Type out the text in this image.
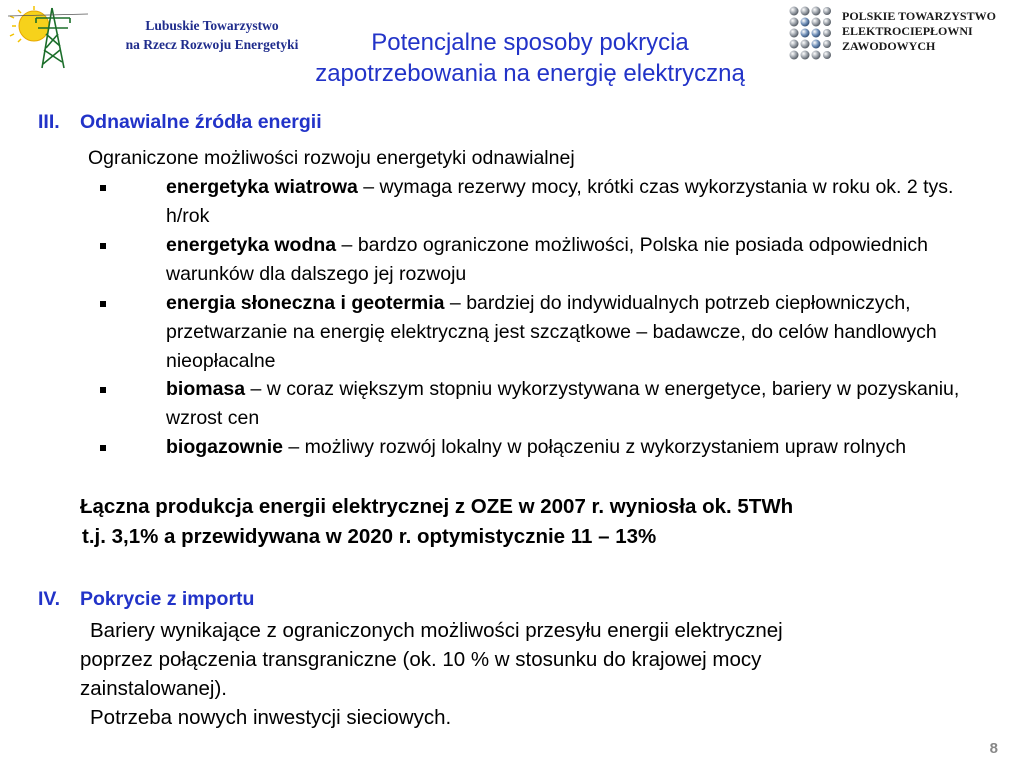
Lubuskie Towarzystwo
na Rzecz Rozwoju Energetyki	Potencjalne sposoby pokrycia
zapotrzebowania na energię elektryczną
POLSKIE TOWARZYSTWO
ELEKTROCIEPŁOWNI
ZAWODOWYCH
III. Odnawialne źródła energii
Ograniczone możliwości rozwoju energetyki odnawialnej
energetyka wiatrowa – wymaga rezerwy mocy, krótki czas wykorzystania w roku ok. 2 tys. h/rok
energetyka wodna – bardzo ograniczone możliwości, Polska nie posiada odpowiednich warunków dla dalszego jej rozwoju
energia słoneczna i geotermia – bardziej do indywidualnych potrzeb ciepłowniczych, przetwarzanie na energię elektryczną jest szczątkowe – badawcze, do celów handlowych nieopłacalne
biomasa – w coraz większym stopniu wykorzystywana w energetyce, bariery w pozyskaniu, wzrost cen
biogazownie – możliwy rozwój lokalny w połączeniu z wykorzystaniem upraw rolnych
Łączna produkcja energii elektrycznej z OZE w 2007 r. wyniosła ok. 5TWh
t.j. 3,1% a przewidywana w 2020 r. optymistycznie 11 – 13%
IV. Pokrycie z importu
Bariery wynikające z ograniczonych możliwości przesyłu energii elektrycznej
poprzez połączenia transgraniczne (ok. 10 % w stosunku do krajowej mocy
zainstalowanej).
Potrzeba nowych inwestycji sieciowych.
8
